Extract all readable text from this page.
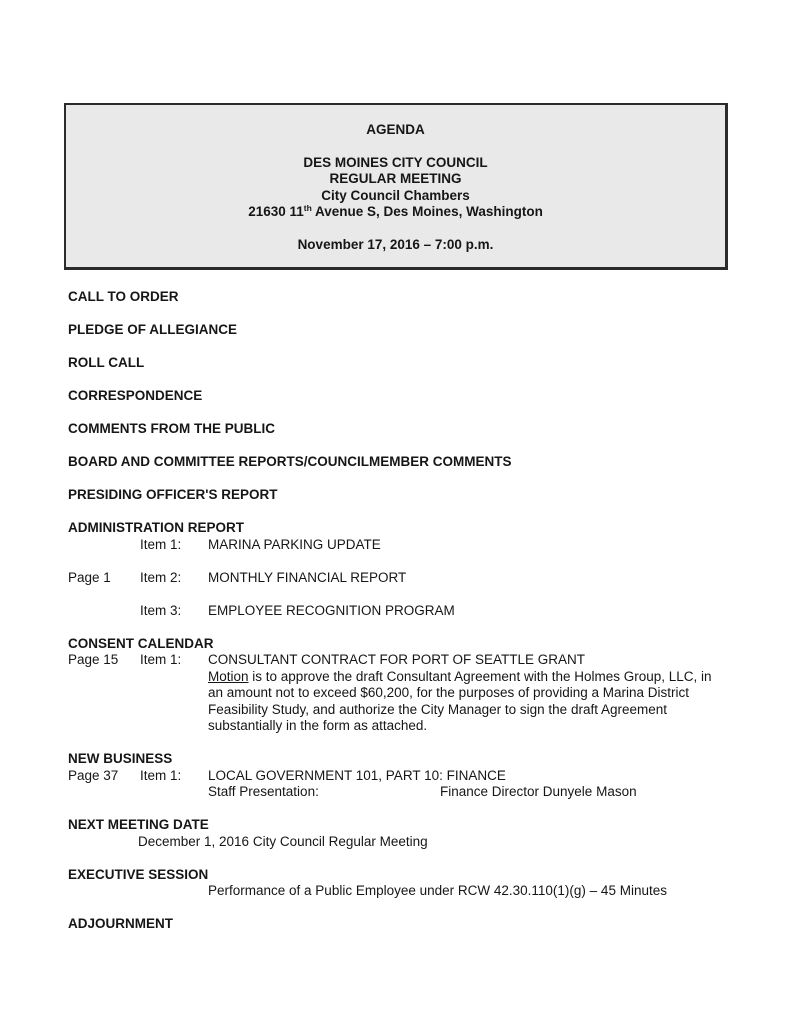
AGENDA
DES MOINES CITY COUNCIL
REGULAR MEETING
City Council Chambers
21630 11th Avenue S, Des Moines, Washington
November 17, 2016 – 7:00 p.m.
CALL TO ORDER
PLEDGE OF ALLEGIANCE
ROLL CALL
CORRESPONDENCE
COMMENTS FROM THE PUBLIC
BOARD AND COMMITTEE REPORTS/COUNCILMEMBER COMMENTS
PRESIDING OFFICER'S REPORT
ADMINISTRATION REPORT
Item 1:	MARINA PARKING UPDATE
Page 1	Item 2:	MONTHLY FINANCIAL REPORT
Item 3:	EMPLOYEE RECOGNITION PROGRAM
CONSENT CALENDAR
Page 15	Item 1:	CONSULTANT CONTRACT FOR PORT OF SEATTLE GRANT
Motion is to approve the draft Consultant Agreement with the Holmes Group, LLC, in an amount not to exceed $60,200, for the purposes of providing a Marina District Feasibility Study, and authorize the City Manager to sign the draft Agreement substantially in the form as attached.
NEW BUSINESS
Page 37	Item 1:	LOCAL GOVERNMENT 101, PART 10: FINANCE
Staff Presentation:	Finance Director Dunyele Mason
NEXT MEETING DATE
December 1, 2016 City Council Regular Meeting
EXECUTIVE SESSION
Performance of a Public Employee under RCW 42.30.110(1)(g) – 45 Minutes
ADJOURNMENT
